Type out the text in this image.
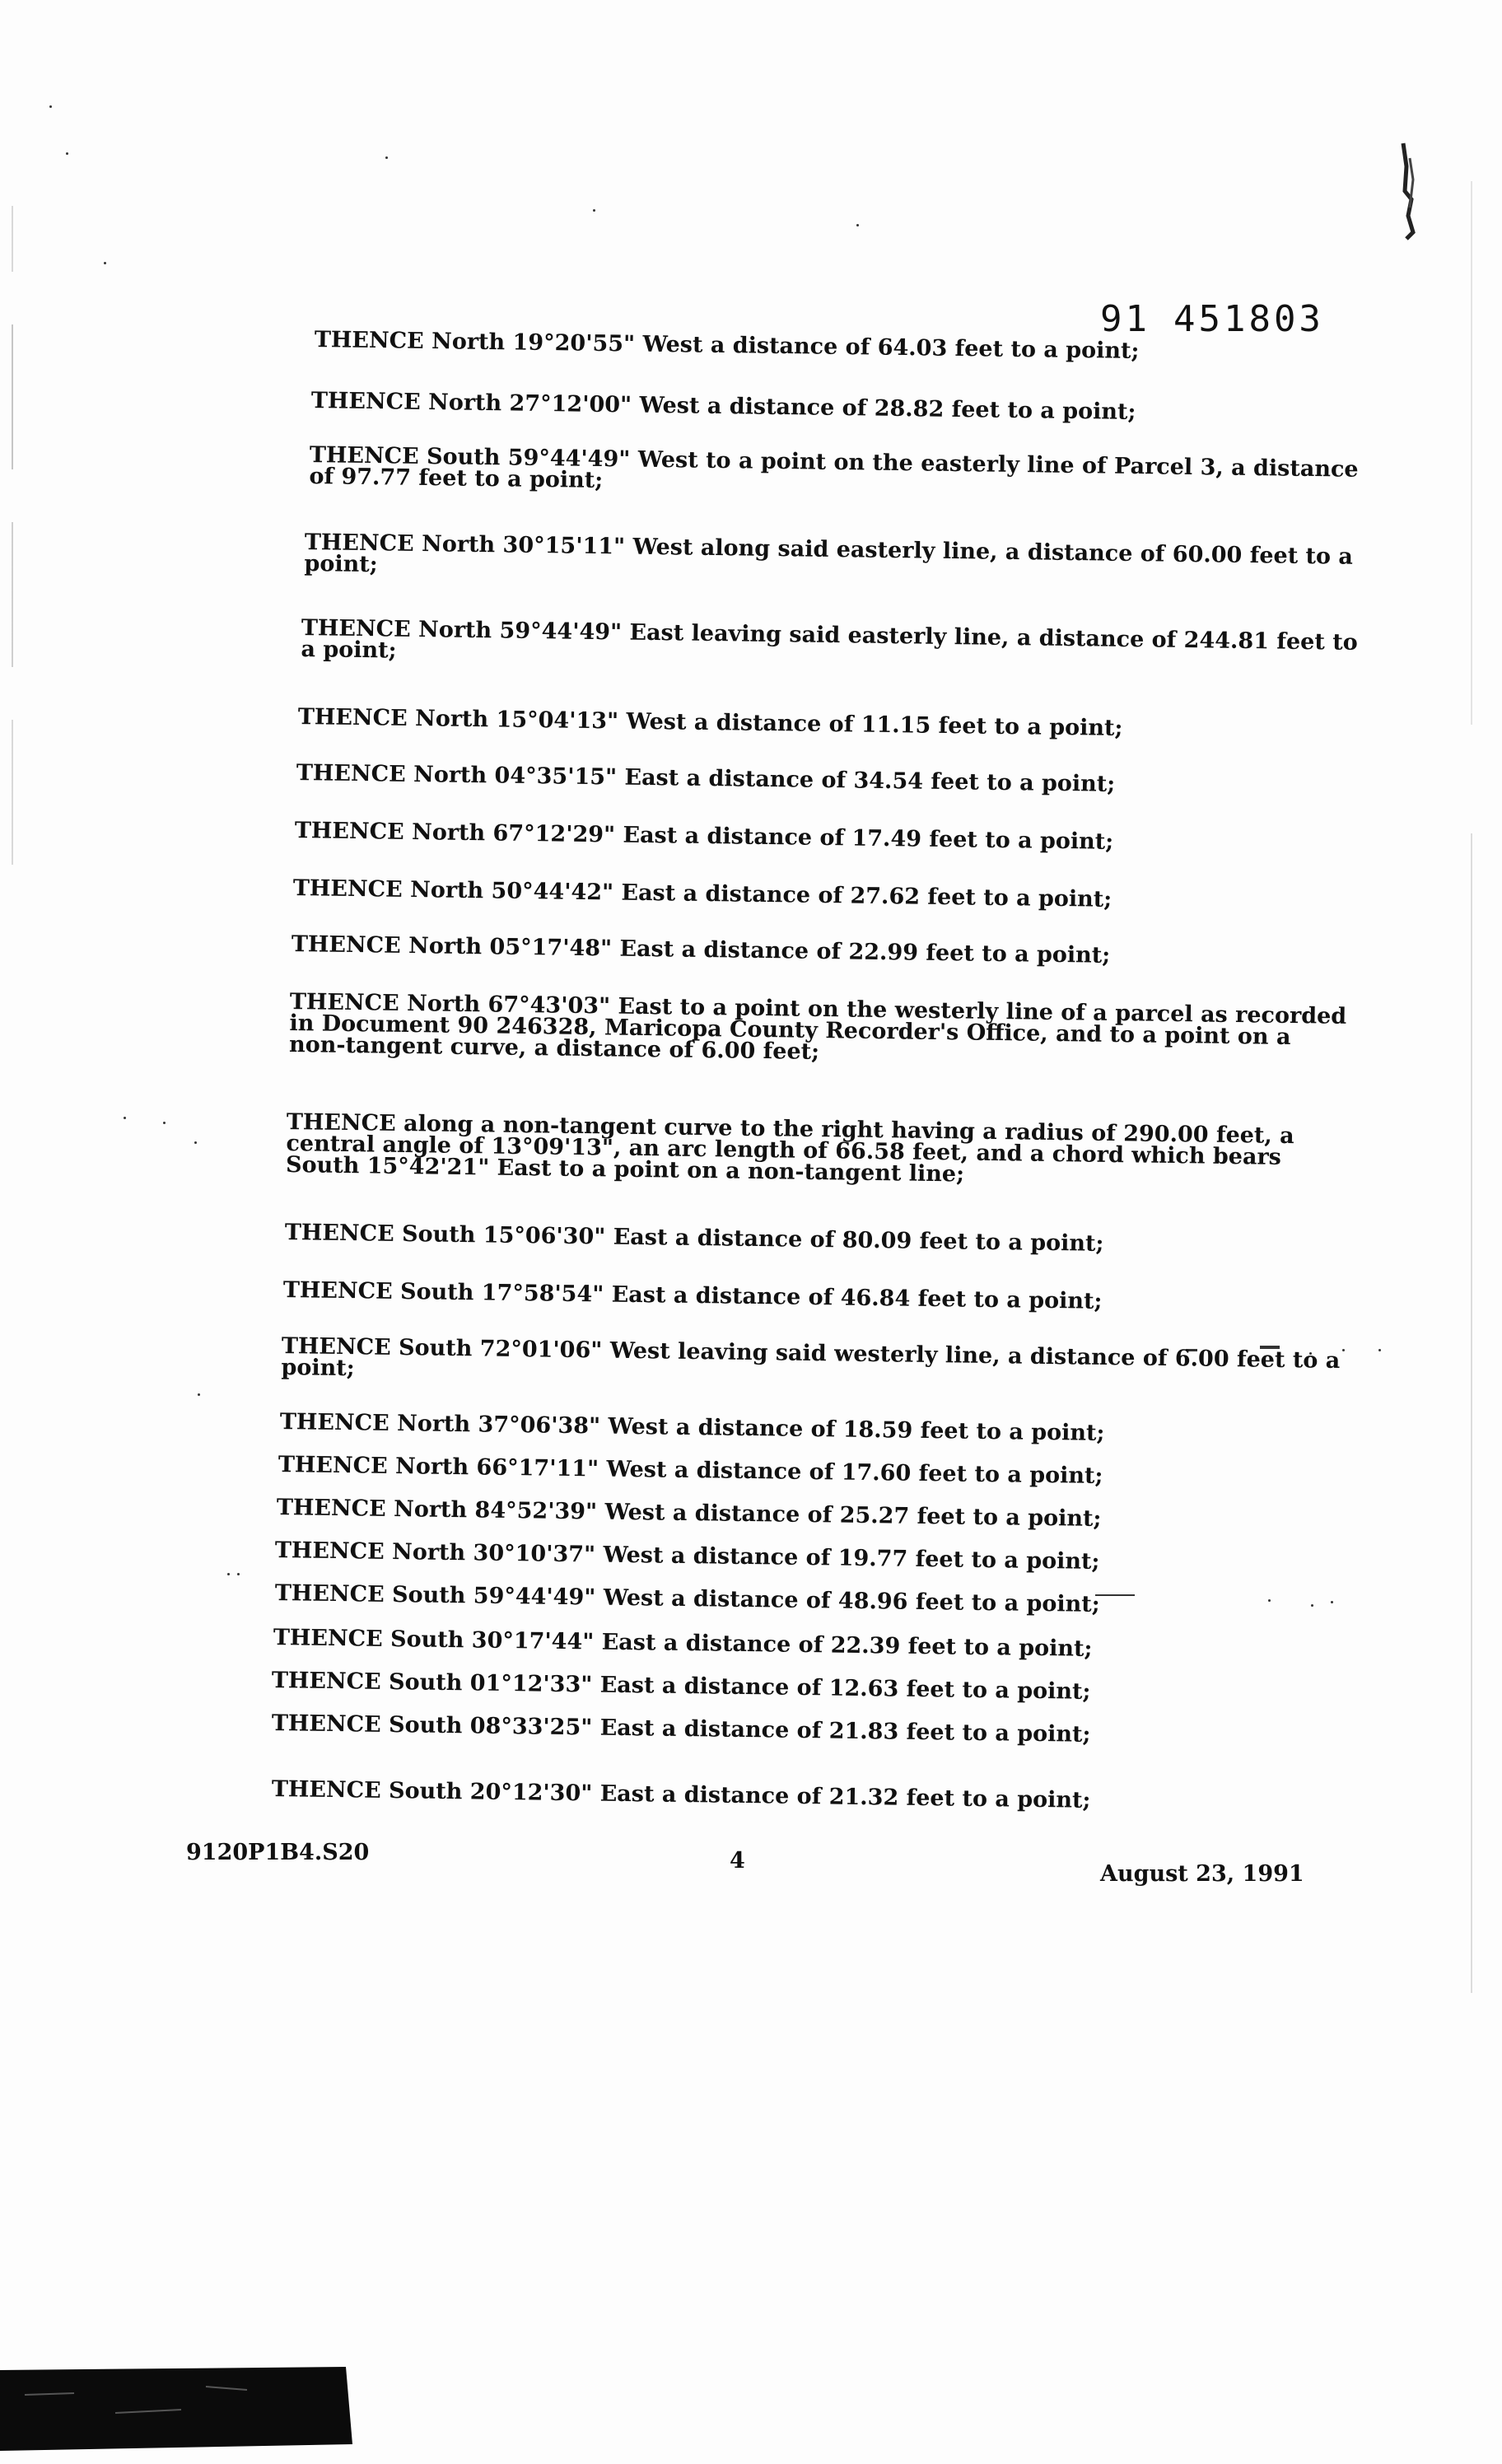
91 451803
THENCE North 19°20'55" West a distance of 64.03 feet to a point;
THENCE North 27°12'00" West a distance of 28.82 feet to a point;
THENCE South 59°44'49" West to a point on the easterly line of Parcel 3, a distance of 97.77 feet to a point;
THENCE North 30°15'11" West along said easterly line, a distance of 60.00 feet to a point;
THENCE North 59°44'49" East leaving said easterly line, a distance of 244.81 feet to a point;
THENCE North 15°04'13" West a distance of 11.15 feet to a point;
THENCE North 04°35'15" East a distance of 34.54 feet to a point;
THENCE North 67°12'29" East a distance of 17.49 feet to a point;
THENCE North 50°44'42" East a distance of 27.62 feet to a point;
THENCE North 05°17'48" East a distance of 22.99 feet to a point;
THENCE North 67°43'03" East to a point on the westerly line of a parcel as recorded in Document 90 246328, Maricopa County Recorder's Office, and to a point on a non-tangent curve, a distance of 6.00 feet;
THENCE along a non-tangent curve to the right having a radius of 290.00 feet, a central angle of 13°09'13", an arc length of 66.58 feet, and a chord which bears South 15°42'21" East to a point on a non-tangent line;
THENCE South 15°06'30" East a distance of 80.09 feet to a point;
THENCE South 17°58'54" East a distance of 46.84 feet to a point;
THENCE South 72°01'06" West leaving said westerly line, a distance of 6.00 feet to a point;
THENCE North 37°06'38" West a distance of 18.59 feet to a point;
THENCE North 66°17'11" West a distance of 17.60 feet to a point;
THENCE North 84°52'39" West a distance of 25.27 feet to a point;
THENCE North 30°10'37" West a distance of 19.77 feet to a point;
THENCE South 59°44'49" West a distance of 48.96 feet to a point;
THENCE South 30°17'44" East a distance of 22.39 feet to a point;
THENCE South 01°12'33" East a distance of 12.63 feet to a point;
THENCE South 08°33'25" East a distance of 21.83 feet to a point;
THENCE South 20°12'30" East a distance of 21.32 feet to a point;
9120P1B4.S20	4
August 23, 1991
